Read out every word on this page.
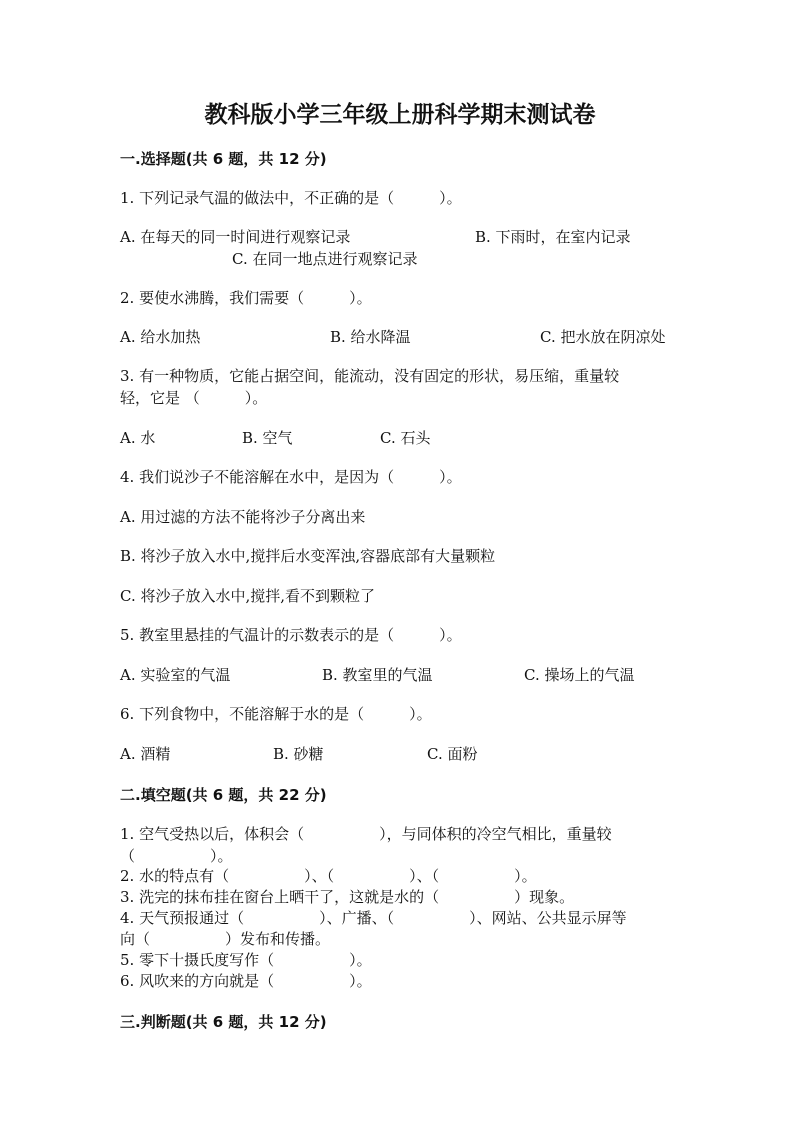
教科版小学三年级上册科学期末测试卷
一.选择题(共 6 题，共 12 分)
1. 下列记录气温的做法中，不正确的是（　　　）。
A. 在每天的同一时间进行观察记录	B. 下雨时，在室内记录
C. 在同一地点进行观察记录
2. 要使水沸腾，我们需要（　　　）。
A. 给水加热	B. 给水降温	C. 把水放在阴凉处
3. 有一种物质，它能占据空间，能流动，没有固定的形状，易压缩，重量较
轻，它是 （　　　）。
A. 水	B. 空气	C. 石头
4. 我们说沙子不能溶解在水中，是因为（　　　）。
A. 用过滤的方法不能将沙子分离出来
B. 将沙子放入水中,搅拌后水变浑浊,容器底部有大量颗粒
C. 将沙子放入水中,搅拌,看不到颗粒了
5. 教室里悬挂的气温计的示数表示的是（　　　）。
A. 实验室的气温	B. 教室里的气温	C. 操场上的气温
6. 下列食物中，不能溶解于水的是（　　　）。
A. 酒精	B. 砂糖	C. 面粉
二.填空题(共 6 题，共 22 分)
1. 空气受热以后，体积会（　　　　　），与同体积的冷空气相比，重量较
（　　　　　）。
2. 水的特点有（　　　　　）、（　　　　　）、（　　　　　）。
3. 洗完的抹布挂在窗台上晒干了，这就是水的（　　　　　）现象。
4. 天气预报通过（　　　　　）、广播、（　　　　　）、网站、公共显示屏等
向（　　　　　）发布和传播。
5. 零下十摄氏度写作（　　　　　）。
6. 风吹来的方向就是（　　　　　）。
三.判断题(共 6 题，共 12 分)
